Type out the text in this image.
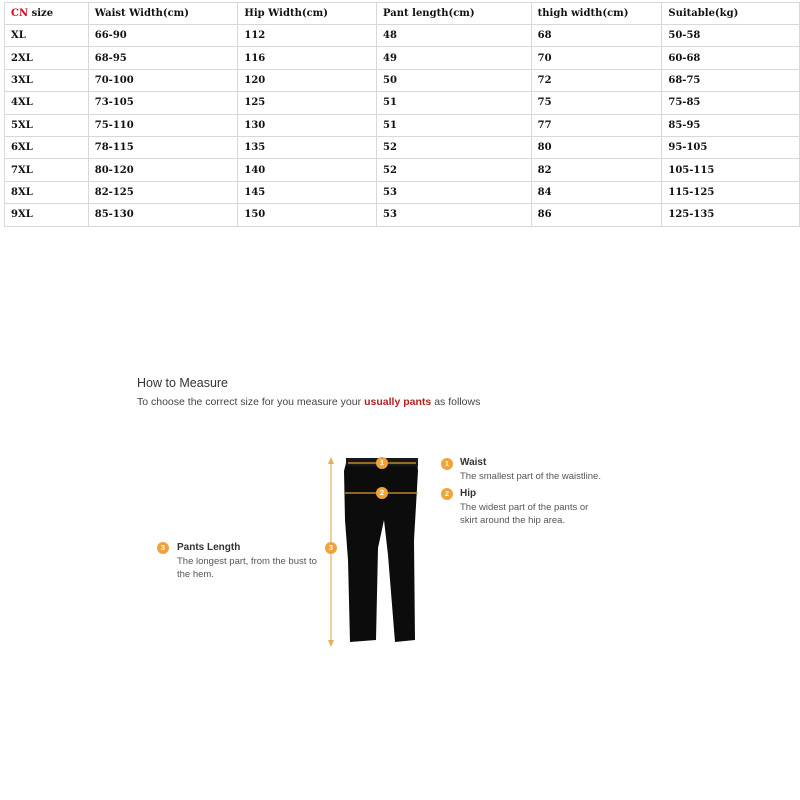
CN size	Waist Width(cm)	Hip Width(cm)	Pant length(cm)	thigh width(cm)	Suitable(kg)
XL	66-90	112	48	68	50-58
2XL	68-95	116	49	70	60-68
3XL	70-100	120	50	72	68-75
4XL	73-105	125	51	75	75-85
5XL	75-110	130	51	77	85-95
6XL	78-115	135	52	80	95-105
7XL	80-120	140	52	82	105-115
8XL	82-125	145	53	84	115-125
9XL	85-130	150	53	86	125-135
How to Measure
To choose the correct size for you measure your usually pants as follows
1
2
3
1	Waist
The smallest part of the waistline.
2	Hip
The widest part of the pants or skirt around the hip area.
3	Pants Length
The longest part, from the bust to the hem.
